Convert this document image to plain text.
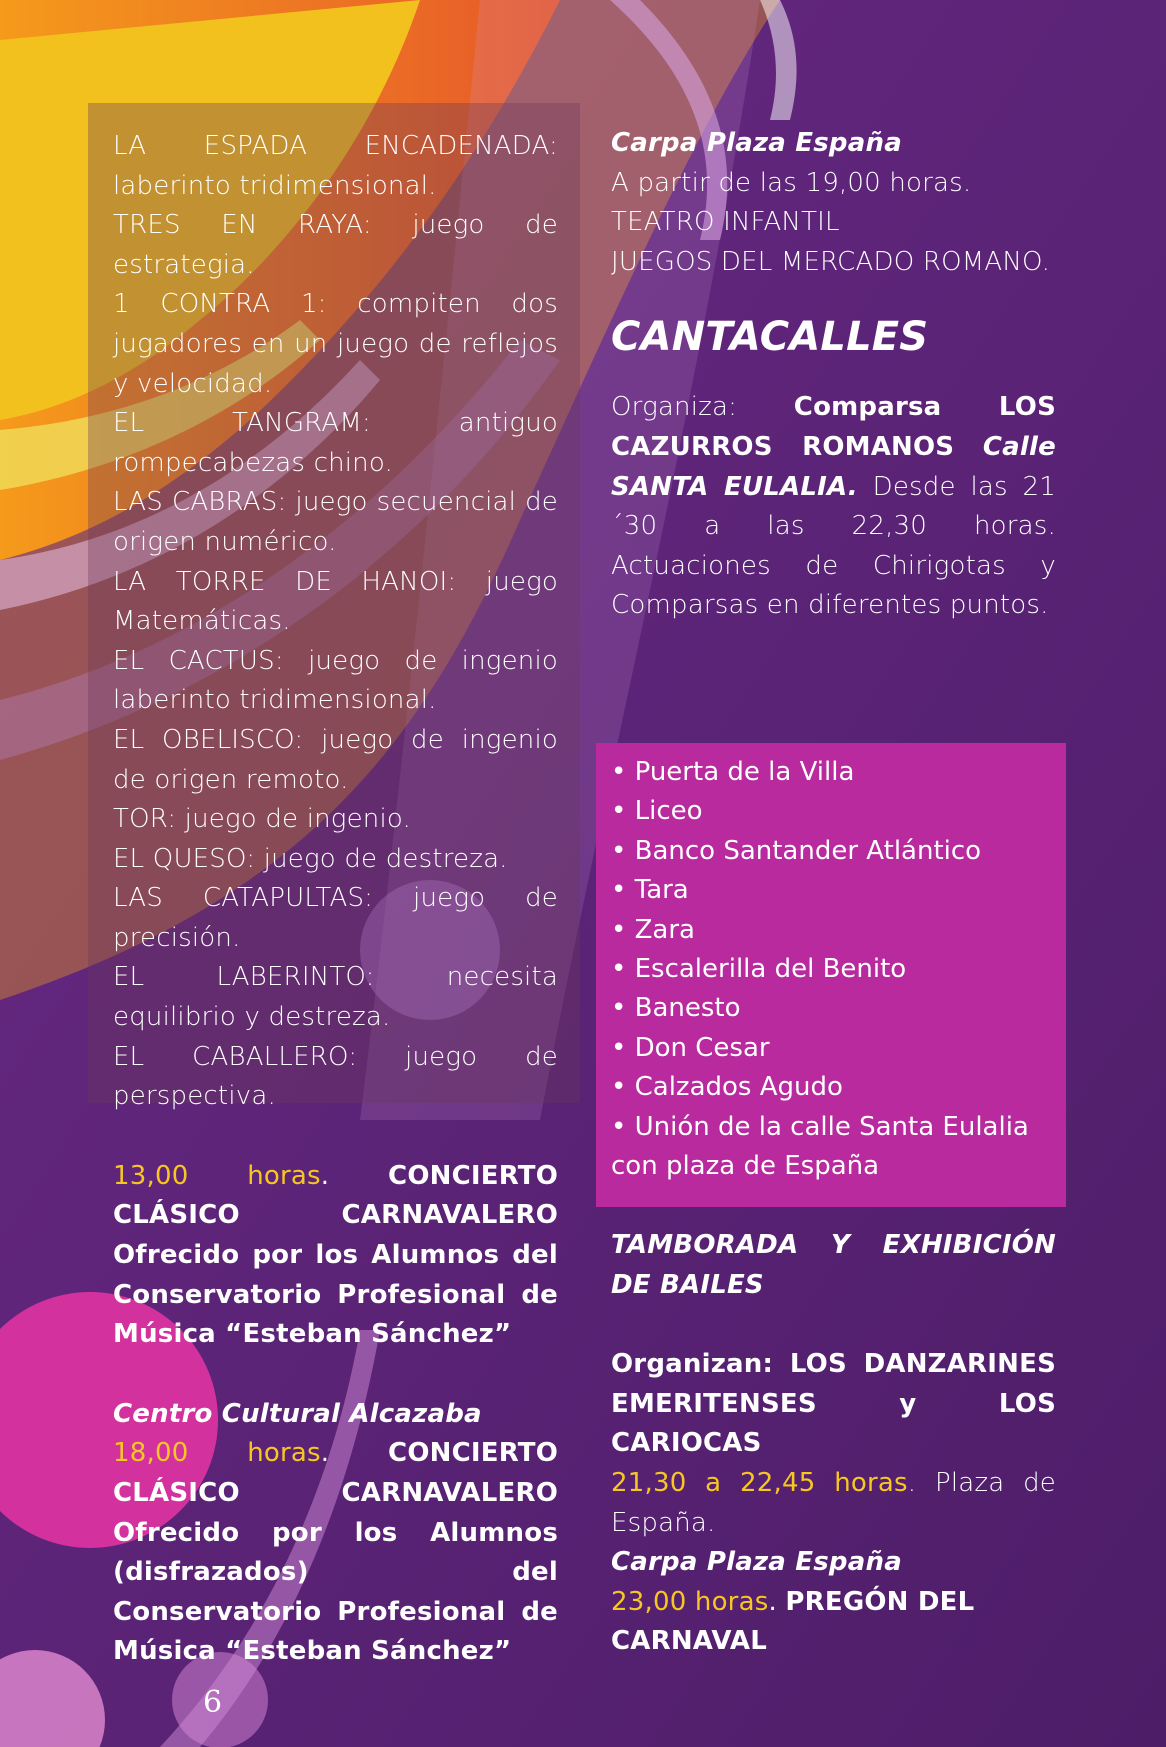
LA ESPADA ENCADENADA: laberinto tridimensional.

TRES EN RAYA: juego de estrategia.

1 CONTRA 1: compiten dos jugadores en un juego de reflejos y velocidad.

EL TANGRAM:	antiguo rompecabezas chino.

LAS CABRAS: juego secuencial de origen numérico.

LA TORRE DE HANOI: juego Matemáticas.

EL CACTUS: juego de ingenio laberinto tridimensional.

EL OBELISCO: juego de ingenio de origen remoto.

TOR: juego de ingenio.

EL QUESO: juego de destreza.

LAS CATAPULTAS: juego de precisión.

EL LABERINTO:	necesita equilibrio y destreza.

EL CABALLERO: juego de perspectiva.

13,00 horas. CONCIERTO CLÁSICO CARNAVALERO Ofrecido por los Alumnos del Conservatorio Profesional de Música “Esteban Sánchez”

Centro Cultural Alcazaba
18,00 horas. CONCIERTO CLÁSICO CARNAVALERO Ofrecido por los Alumnos (disfrazados) del Conservatorio Profesional de Música “Esteban Sánchez”

Carpa Plaza España
A partir de las 19,00 horas.
TEATRO INFANTIL
JUEGOS DEL MERCADO ROMANO.

CANTACALLES

Organiza: Comparsa LOS CAZURROS ROMANOS Calle SANTA EULALIA. Desde las 21´30 a las 22,30 horas. Actuaciones de Chirigotas y Comparsas en diferentes puntos.

• Puerta de la Villa
• Liceo
• Banco Santander Atlántico
• Tara
• Zara
• Escalerilla del Benito
• Banesto
• Don Cesar
• Calzados Agudo
• Unión de la calle Santa Eulalia con plaza de España

TAMBORADA Y EXHIBICIÓN DE BAILES

Organizan: LOS DANZARINES EMERITENSES y LOS CARIOCAS

21,30 a 22,45 horas. Plaza de España.

Carpa Plaza España
23,00 horas. PREGÓN DEL CARNAVAL

6
